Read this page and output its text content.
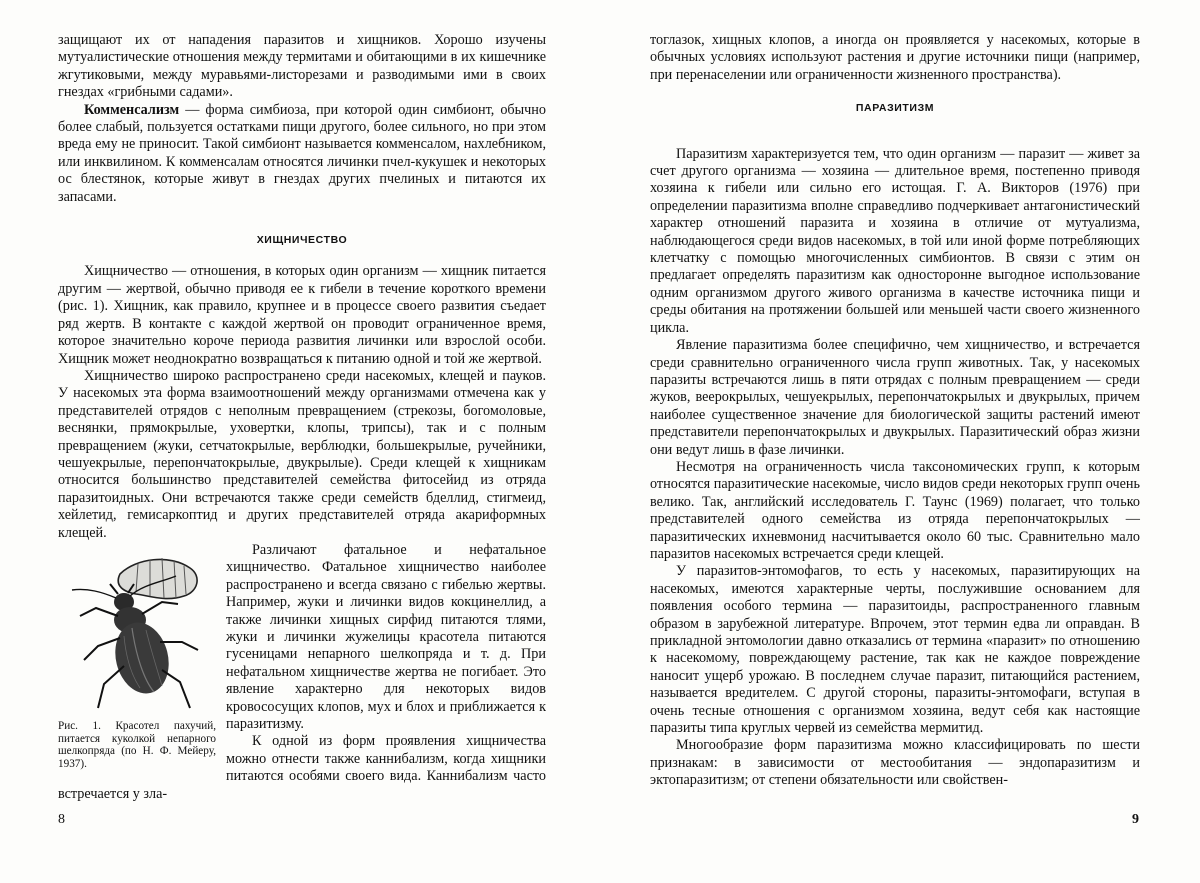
защищают их от нападения паразитов и хищников. Хорошо изучены мутуалистические отношения между термитами и обитающими в их кишечнике жгутиковыми, между муравьями-листорезами и разводимыми ими в своих гнездах «грибными садами».

Комменсализм — форма симбиоза, при которой один симбионт, обычно более слабый, пользуется остатками пищи другого, более сильного, но при этом вреда ему не приносит. Такой симбионт называется комменсалом, нахлебником, или инквилином. К комменсалам относятся личинки пчел-кукушек и некоторых ос блестянок, которые живут в гнездах других пчелиных и питаются их запасами.

ХИЩНИЧЕСТВО

Хищничество — отношения, в которых один организм — хищник питается другим — жертвой, обычно приводя ее к гибели в течение короткого времени (рис. 1). Хищник, как правило, крупнее и в процессе своего развития съедает ряд жертв. В контакте с каждой жертвой он проводит ограниченное время, которое значительно короче периода развития личинки или взрослой особи. Хищник может неоднократно возвращаться к питанию одной и той же жертвой.

Хищничество широко распространено среди насекомых, клещей и пауков. У насекомых эта форма взаимоотношений между организмами отмечена как у представителей отрядов с неполным превращением (стрекозы, богомоловые, веснянки, прямокрылые, уховертки, клопы, трипсы), так и с полным превращением (жуки, сетчатокрылые, верблюдки, большекрылые, ручейники, чешуекрылые, перепончатокрылые, двукрылые). Среди клещей к хищникам относится большинство представителей семейства фитосейид из отряда паразитоидных. Они встречаются также среди семейств бделлид, стигмеид, хейлетид, гемисаркоптид и других представителей отряда акариформных клещей.

Рис. 1. Красотел пахучий, питается куколкой непарного шелкопряда (по Н. Ф. Мейеру, 1937).

Различают фатальное и нефатальное хищничество. Фатальное хищничество наиболее распространено и всегда связано с гибелью жертвы. Например, жуки и личинки видов кокцинеллид, а также личинки хищных сирфид питаются тлями, жуки и личинки жужелицы красотела питаются гусеницами непарного шелкопряда и т. д. При нефатальном хищничестве жертва не погибает. Это явление характерно для некоторых видов кровососущих клопов, мух и блох и приближается к паразитизму.

К одной из форм проявления хищничества можно отнести также каннибализм, когда хищники питаются особями своего вида. Каннибализм часто встречается у зла-

тоглазок, хищных клопов, а иногда он проявляется у насекомых, которые в обычных условиях используют растения и другие источники пищи (например, при перенаселении или ограниченности жизненного пространства).

ПАРАЗИТИЗМ

Паразитизм характеризуется тем, что один организм — паразит — живет за счет другого организма — хозяина — длительное время, постепенно приводя хозяина к гибели или сильно его истощая. Г. А. Викторов (1976) при определении паразитизма вполне справедливо подчеркивает антагонистический характер отношений паразита и хозяина в отличие от мутуализма, наблюдающегося среди видов насекомых, в той или иной форме потребляющих клетчатку с помощью многочисленных симбионтов. В связи с этим он предлагает определять паразитизм как односторонне выгодное использование одним организмом другого живого организма в качестве источника пищи и среды обитания на протяжении большей или меньшей части своего жизненного цикла.

Явление паразитизма более специфично, чем хищничество, и встречается среди сравнительно ограниченного числа групп животных. Так, у насекомых паразиты встречаются лишь в пяти отрядах с полным превращением — среди жуков, веерокрылых, чешуекрылых, перепончатокрылых и двукрылых, причем наиболее существенное значение для биологической защиты растений имеют представители перепончатокрылых и двукрылых. Паразитический образ жизни они ведут лишь в фазе личинки.

Несмотря на ограниченность числа таксономических групп, к которым относятся паразитические насекомые, число видов среди некоторых групп очень велико. Так, английский исследователь Г. Таунс (1969) полагает, что только представителей одного семейства из отряда перепончатокрылых — паразитических ихневмонид насчитывается около 60 тыс. Сравнительно мало паразитов насекомых встречается среди клещей.

У паразитов-энтомофагов, то есть у насекомых, паразитирующих на насекомых, имеются характерные черты, послужившие основанием для появления особого термина — паразитоиды, распространенного главным образом в зарубежной литературе. Впрочем, этот термин едва ли оправдан. В прикладной энтомологии давно отказались от термина «паразит» по отношению к насекомому, повреждающему растение, так как не каждое повреждение наносит ущерб урожаю. В последнем случае паразит, питающийся растением, называется вредителем. С другой стороны, паразиты-энтомофаги, вступая в очень тесные отношения с организмом хозяина, ведут себя как настоящие паразиты типа круглых червей из семейства мермитид.

Многообразие форм паразитизма можно классифицировать по шести признакам: в зависимости от местообитания — эндопаразитизм и эктопаразитизм; от степени обязательности или свойствен-

8	9
